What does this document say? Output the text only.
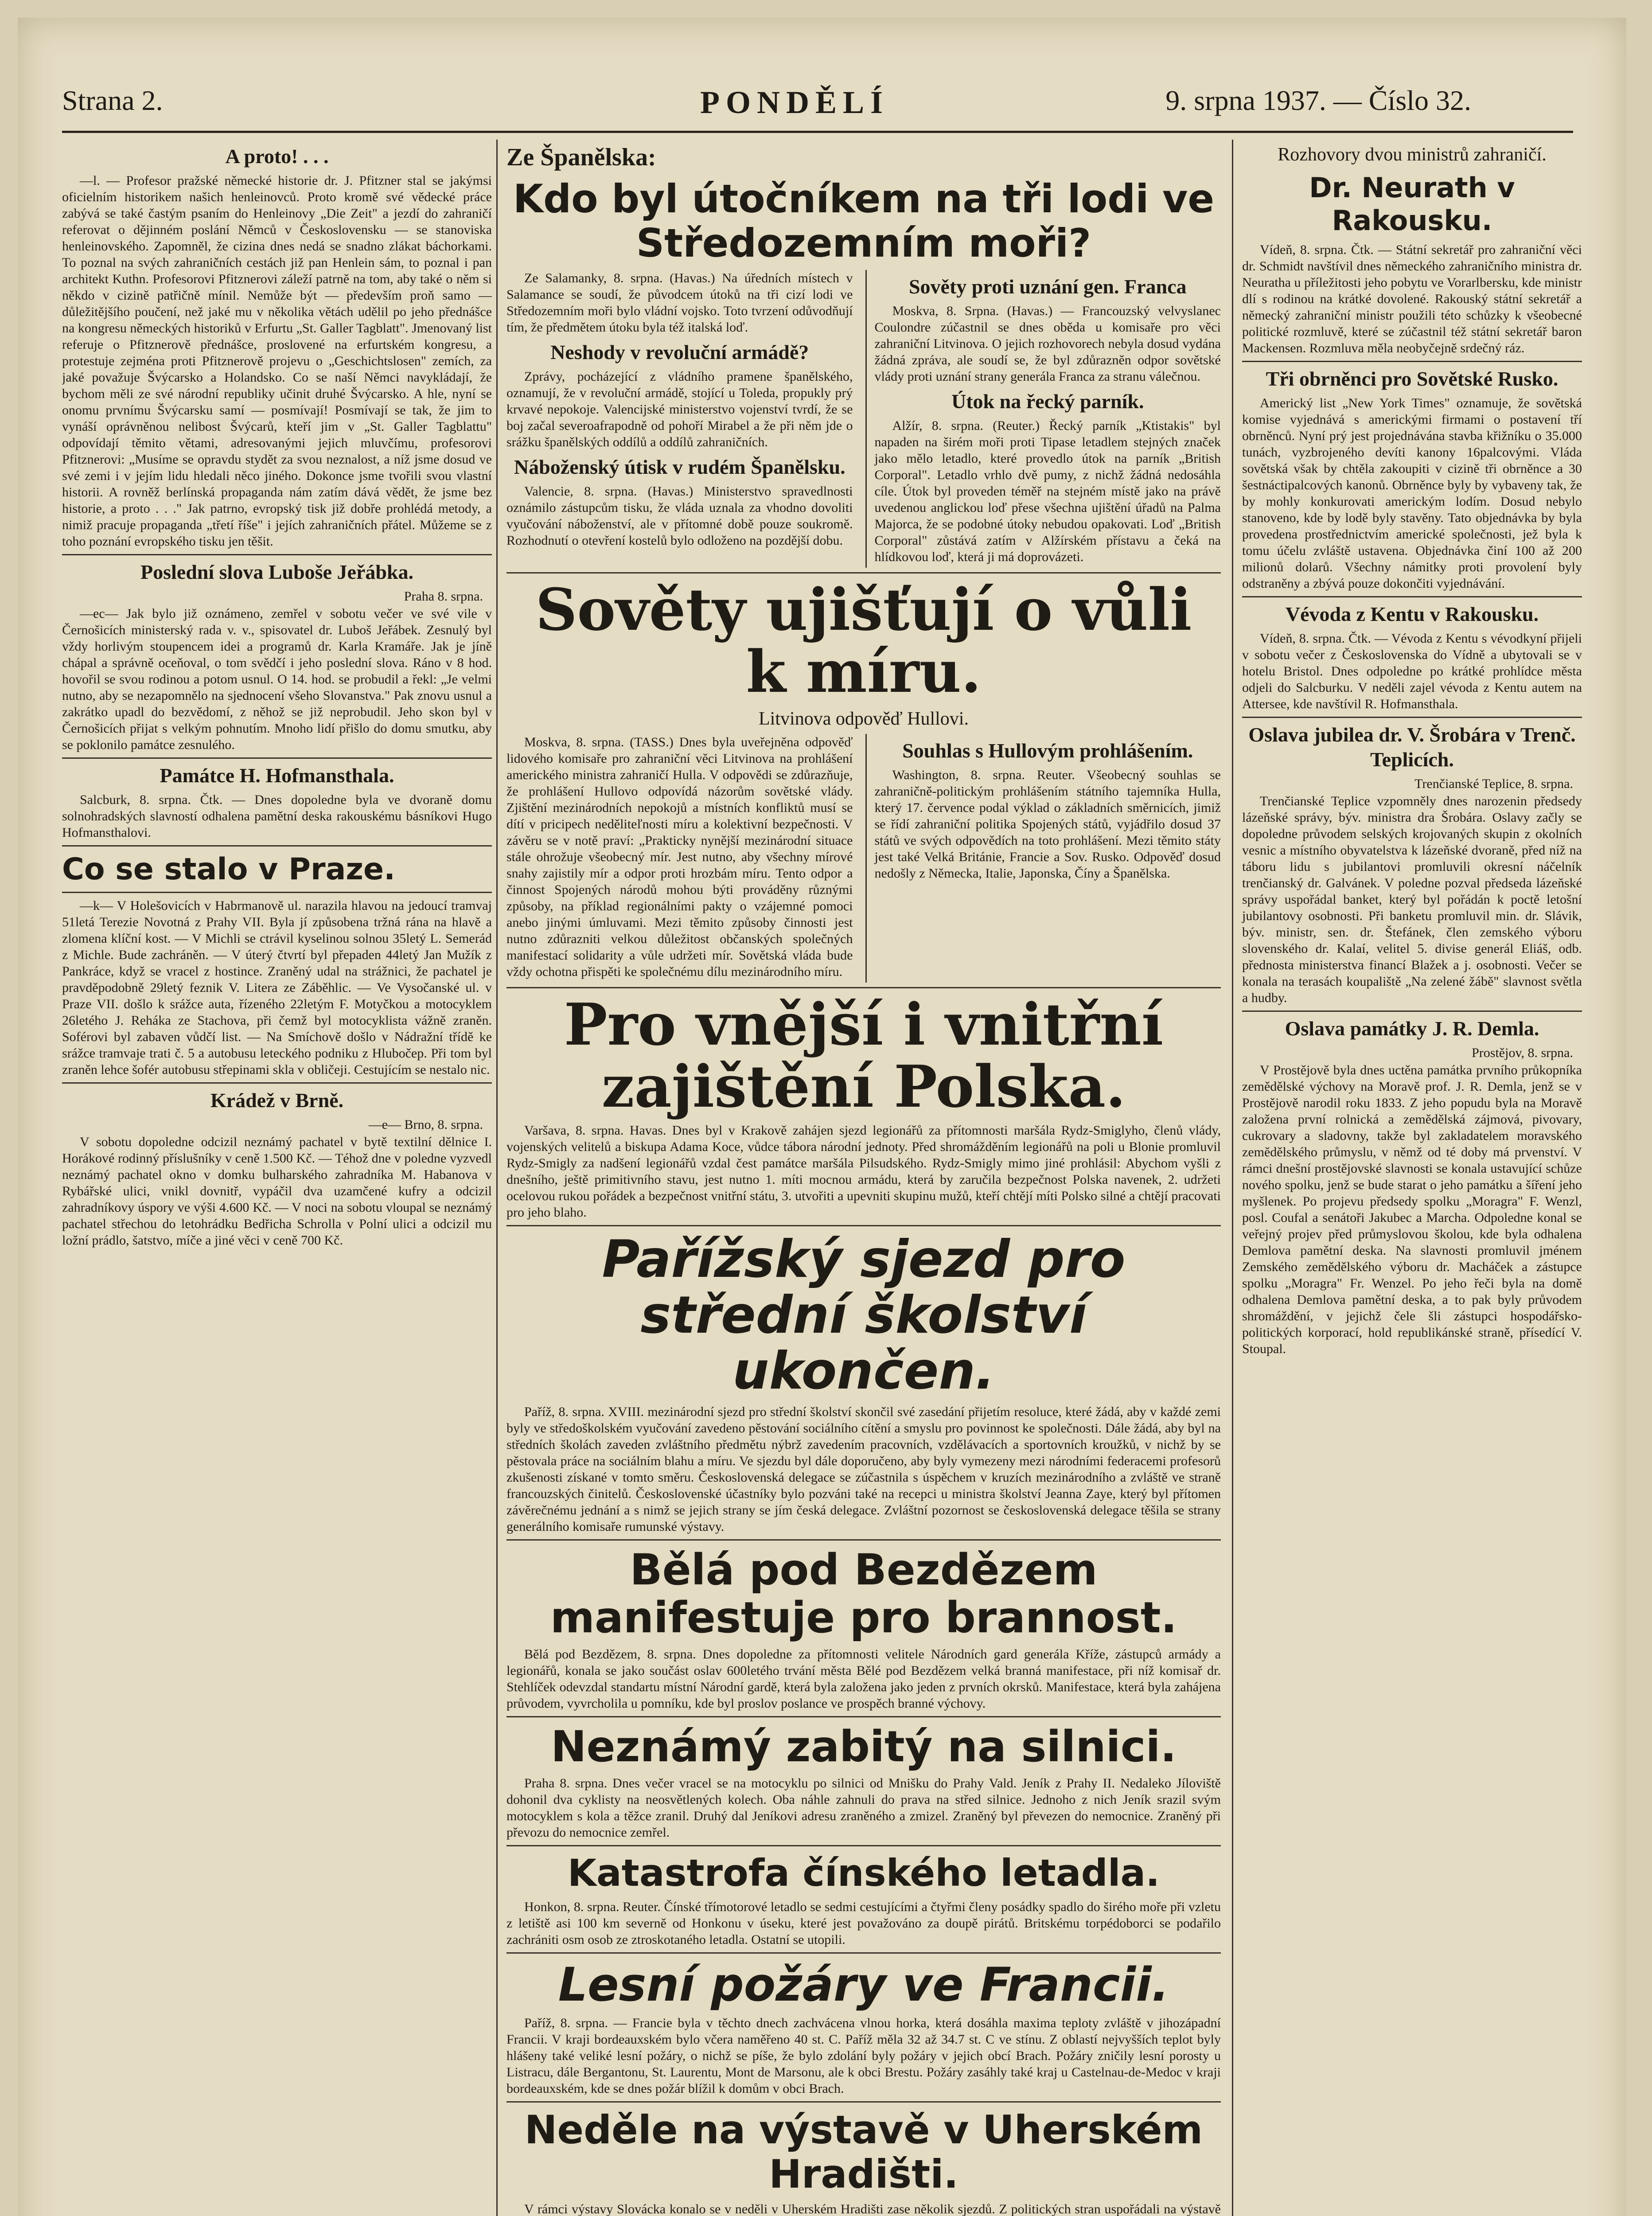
Strana 2.	PONDĚLÍ	9. srpna 1937. — Číslo 32.
A proto! . . .
—l. — Profesor pražské německé historie dr. J. Pfitzner stal se jakýmsi oficielním historikem našich henleinovců. Proto kromě své vědecké práce zabývá se také častým psaním do Henleinovy „Die Zeit" a jezdí do zahraničí referovat o dějinném poslání Němců v Československu — se stanoviska henleinovského. Zapomněl, že cizina dnes nedá se snadno zlákat báchorkami. To poznal na svých zahraničních cestách již pan Henlein sám, to poznal i pan architekt Kuthn. Profesorovi Pfitznerovi záleží patrně na tom, aby také o něm si někdo v cizině patřičně mínil. Nemůže být — především proň samo — důležitějšího poučení, než jaké mu v několika větách udělil po jeho přednášce na kongresu německých historiků v Erfurtu „St. Galler Tagblatt". Jmenovaný list referuje o Pfitznerově přednášce, proslovené na erfurtském kongresu, a protestuje zejména proti Pfitznerově projevu o „Geschichtslosen" zemích, za jaké považuje Švýcarsko a Holandsko. Co se naší Němci navykládají, že bychom měli ze své národní republiky učinit druhé Švýcarsko. A hle, nyní se onomu prvnímu Švýcarsku samí — posmívají! Posmívají se tak, že jim to vynáší oprávněnou nelibost Švýcarů, kteří jim v „St. Galler Tagblattu" odpovídají těmito větami, adresovanými jejich mluvčímu, profesorovi Pfitznerovi: „Musíme se opravdu stydět za svou neznalost, a níž jsme dosud ve své zemi i v jejím lidu hledali něco jiného. Dokonce jsme tvořili svou vlastní historii. A rovněž berlínská propaganda nám zatím dává vědět, že jsme bez historie, a proto . . ." Jak patrno, evropský tisk již dobře prohlédá metody, a nimiž pracuje propaganda „třetí říše" i jejích zahraničních přátel. Můžeme se z toho poznání evropského tisku jen těšit.
Poslední slova Luboše Jeřábka.
Praha 8. srpna.
—ec— Jak bylo již oznámeno, zemřel v sobotu večer ve své vile v Černošicích ministerský rada v. v., spisovatel dr. Luboš Jeřábek. Zesnulý byl vždy horlivým stoupencem idei a programů dr. Karla Kramáře. Jak je jíně chápal a správně oceňoval, o tom svědčí i jeho poslední slova. Ráno v 8 hod. hovořil se svou rodinou a potom usnul. O 14. hod. se probudil a řekl: „Je velmi nutno, aby se nezapomnělo na sjednocení všeho Slovanstva." Pak znovu usnul a zakrátko upadl do bezvědomí, z něhož se již neprobudil. Jeho skon byl v Černošicích přijat s velkým pohnutím. Mnoho lidí přišlo do domu smutku, aby se poklonilo památce zesnulého.
Památce H. Hofmansthala.
Salcburk, 8. srpna. Čtk. — Dnes dopoledne byla ve dvoraně domu solnohradských slavností odhalena pamětní deska rakouskému básníkovi Hugo Hofmansthalovi.
Co se stalo v Praze.
—k— V Holešovicích v Habrmanově ul. narazila hlavou na jedoucí tramvaj 51letá Terezie Novotná z Prahy VII. Byla jí způsobena tržná rána na hlavě a zlomena klíční kost. — V Michli se ctrávil kyselinou solnou 35letý L. Semerád z Michle. Bude zachráněn. — V úterý čtvrtí byl přepaden 44letý Jan Mužík z Pankráce, když se vracel z hostince. Zraněný udal na strážnici, že pachatel je pravděpodobně 29letý feznik V. Litera ze Záběhlic. — Ve Vysočanské ul. v Praze VII. došlo k srážce auta, řízeného 22letým F. Motyčkou a motocyklem 26letého J. Reháka ze Stachova, při čemž byl motocyklista vážně zraněn. Soférovi byl zabaven vůdčí list. — Na Smíchově došlo v Nádražní třídě ke srážce tramvaje trati č. 5 a autobusu leteckého podniku z Hlubočep. Při tom byl zraněn lehce šofér autobusu střepinami skla v obličeji. Cestujícím se nestalo nic.
Krádež v Brně.
—e— Brno, 8. srpna.
V sobotu dopoledne odcizil neznámý pachatel v bytě textilní dělnice I. Horákové rodinný příslušníky v ceně 1.500 Kč. — Téhož dne v poledne vyzvedl neznámý pachatel okno v domku bulharského zahradníka M. Habanova v Rybářské ulici, vnikl dovnitř, vypáčil dva uzamčené kufry a odcizil zahradníkovy úspory ve výši 4.600 Kč. — V noci na sobotu vloupal se neznámý pachatel střechou do letohrádku Bedřicha Schrolla v Polní ulici a odcizil mu ložní prádlo, šatstvo, míče a jiné věci v ceně 700 Kč.
Ze Španělska:
Kdo byl útočníkem na tři lodi ve Středozemním moři?
Ze Salamanky, 8. srpna. (Havas.) Na úředních místech v Salamance se soudí, že původcem útoků na tři cizí lodi ve Středozemním moři bylo vládní vojsko. Toto tvrzení odůvodňují tím, že předmětem útoku byla též italská loď.
Neshody v revoluční armádě?
Zprávy, pocházející z vládního pramene španělského, oznamují, že v revoluční armádě, stojící u Toleda, propukly prý krvavé nepokoje. Valencijské ministerstvo vojenství tvrdí, že se boj začal severoafrapodně od pohoří Mirabel a že při něm jde o srážku španělských oddílů a oddílů zahraničních.
Náboženský útisk v rudém Španělsku.
Valencie, 8. srpna. (Havas.) Ministerstvo spravedlnosti oznámilo zástupcům tisku, že vláda uznala za vhodno dovoliti vyučování náboženství, ale v přítomné době pouze soukromě. Rozhodnutí o otevření kostelů bylo odloženo na pozdější dobu.
Sověty proti uznání gen. Franca
Moskva, 8. Srpna. (Havas.) — Francouzský velvyslanec Coulondre zúčastnil se dnes oběda u komisaře pro věci zahraniční Litvinova. O jejich rozhovorech nebyla dosud vydána žádná zpráva, ale soudí se, že byl zdůrazněn odpor sovětské vlády proti uznání strany generála Franca za stranu válečnou.
Útok na řecký parník.
Alžír, 8. srpna. (Reuter.) Řecký parník „Ktistakis" byl napaden na širém moři proti Tipase letadlem stejných značek jako mělo letadlo, které provedlo útok na parník „British Corporal". Letadlo vrhlo dvě pumy, z nichž žádná nedosáhla cíle. Útok byl proveden téměř na stejném místě jako na právě uvedenou anglickou loď přese všechna ujištění úřadů na Palma Majorca, že se podobné útoky nebudou opakovati. Loď „British Corporal" zůstává zatím v Alžírském přístavu a čeká na hlídkovou loď, která ji má doprovázeti.
Sověty ujišťují o vůli k míru.
Litvinova odpověď Hullovi.
Moskva, 8. srpna. (TASS.) Dnes byla uveřejněna odpověď lidového komisaře pro zahraniční věci Litvinova na prohlášení amerického ministra zahraničí Hulla. V odpovědi se zdůrazňuje, že prohlášení Hullovo odpovídá názorům sovětské vlády. Zjištění mezinárodních nepokojů a místních konfliktů musí se dítí v pricipech neděliteľnosti míru a kolektivní bezpečnosti. V závěru se v notě praví: „Prakticky nynější mezinárodní situace stále ohrožuje všeobecný mír. Jest nutno, aby všechny mírové snahy zajistily mír a odpor proti hrozbám míru. Tento odpor a činnost Spojených národů mohou býti prováděny různými způsoby, na příklad regionálními pakty o vzájemné pomoci anebo jinými úmluvami. Mezi těmito způsoby činnosti jest nutno zdůrazniti velkou důležitost občanských společných manifestací solidarity a vůle udržeti mír. Sovětská vláda bude vždy ochotna přispěti ke společnému dílu mezinárodního míru.
Souhlas s Hullovým prohlášením.
Washington, 8. srpna. Reuter. Všeobecný souhlas se zahraničně-politickým prohlášením státního tajemníka Hulla, který 17. července podal výklad o základních směrnicích, jimiž se řídí zahraniční politika Spojených států, vyjádřilo dosud 37 států ve svých odpovědích na toto prohlášení. Mezi těmito státy jest také Velká Británie, Francie a Sov. Rusko. Odpověď dosud nedošly z Německa, Italie, Japonska, Číny a Španělska.
Pro vnější i vnitřní zajištění Polska.
Varšava, 8. srpna. Havas. Dnes byl v Krakově zahájen sjezd legionářů za přítomnosti maršála Rydz-Smiglyho, členů vlády, vojenských velitelů a biskupa Adama Koce, vůdce tábora národní jednoty. Před shromážděním legionářů na poli u Blonie promluvil Rydz-Smigly za nadšení legionářů vzdal čest památce maršála Pilsudského. Rydz-Smigly mimo jiné prohlásil: Abychom vyšli z dnešního, ještě primitivního stavu, jest nutno 1. míti mocnou armádu, která by zaručila bezpečnost Polska navenek, 2. udržeti ocelovou rukou pořádek a bezpečnost vnitřní státu, 3. utvořiti a upevniti skupinu mužů, kteří chtějí míti Polsko silné a chtějí pracovati pro jeho blaho.
Pařížský sjezd pro střední školství ukončen.
Paříž, 8. srpna. XVIII. mezinárodní sjezd pro střední školství skončil své zasedání přijetím resoluce, které žádá, aby v každé zemi byly ve středoškolském vyučování zavedeno pěstování sociálního cítění a smyslu pro povinnost ke společnosti. Dále žádá, aby byl na středních školách zaveden zvláštního předmětu nýbrž zavedením pracovních, vzdělávacích a sportovních kroužků, v nichž by se pěstovala práce na sociálním blahu a míru. Ve sjezdu byl dále doporučeno, aby byly vymezeny mezi národními federacemi profesorů zkušenosti získané v tomto směru. Československá delegace se zúčastnila s úspěchem v kruzích mezinárodního a zvláště ve straně francouzských činitelů. Československé účastníky bylo pozváni také na recepci u ministra školství Jeanna Zaye, který byl přítomen závěrečnému jednání a s nimž se jejich strany se jím česká delegace. Zvláštní pozornost se československá delegace těšila se strany generálního komisaře rumunské výstavy.
Bělá pod Bezdězem manifestuje pro brannost.
Bělá pod Bezdězem, 8. srpna. Dnes dopoledne za přítomnosti velitele Národních gard generála Kříže, zástupců armády a legionářů, konala se jako součást oslav 600letého trvání města Bělé pod Bezdězem velká branná manifestace, při níž komisař dr. Stehlíček odevzdal standartu místní Národní gardě, která byla založena jako jeden z prvních okrsků. Manifestace, která byla zahájena průvodem, vyvrcholila u pomníku, kde byl proslov poslance ve prospěch branné výchovy.
Neznámý zabitý na silnici.
Praha 8. srpna. Dnes večer vracel se na motocyklu po silnici od Mnišku do Prahy Vald. Jeník z Prahy II. Nedaleko Jíloviště dohonil dva cyklisty na neosvětlených kolech. Oba náhle zahnuli do prava na střed silnice. Jednoho z nich Jeník srazil svým motocyklem s kola a těžce zranil. Druhý dal Jeníkovi adresu zraněného a zmizel. Zraněný byl převezen do nemocnice. Zraněný při převozu do nemocnice zemřel.
Katastrofa čínského letadla.
Honkon, 8. srpna. Reuter. Čínské třímotorové letadlo se sedmi cestujícími a čtyřmi členy posádky spadlo do širého moře při vzletu z letiště asi 100 km severně od Honkonu v úseku, které jest považováno za doupě pirátů. Britskému torpédoborci se podařilo zachrániti osm osob ze ztroskotaného letadla. Ostatní se utopili.
Lesní požáry ve Francii.
Paříž, 8. srpna. — Francie byla v těchto dnech zachvácena vlnou horka, která dosáhla maxima teploty zvláště v jihozápadní Francii. V kraji bordeauxském bylo včera naměřeno 40 st. C. Paříž měla 32 až 34.7 st. C ve stínu. Z oblastí nejvyšších teplot byly hlášeny také veliké lesní požáry, o nichž se píše, že bylo zdolání byly požáry v jejich obcí Brach. Požáry zničily lesní porosty u Listracu, dále Bergantonu, St. Laurentu, Mont de Marsonu, ale k obci Brestu. Požáry zasáhly také kraj u Castelnau-de-Medoc v kraji bordeauxském, kde se dnes požár blížil k domům v obci Brach.
Neděle na výstavě v Uherském Hradišti.
V rámci výstavy Slovácka konalo se v neděli v Uherském Hradišti zase několik sjezdů. Z politických stran uspořádali na výstavě
Rozhovory dvou ministrů zahraničí.
Dr. Neurath v Rakousku.
Vídeň, 8. srpna. Čtk. — Státní sekretář pro zahraniční věci dr. Schmidt navštívil dnes německého zahraničního ministra dr. Neuratha u příležitosti jeho pobytu ve Vorarlbersku, kde ministr dlí s rodinou na krátké dovolené. Rakouský státní sekretář a německý zahraniční ministr použili této schůzky k všeobecné politické rozmluvě, které se zúčastnil též státní sekretář baron Mackensen. Rozmluva měla neobyčejně srdečný ráz.
Tři obrněnci pro Sovětské Rusko.
Americký list „New York Times" oznamuje, že sovětská komise vyjednává s americkými firmami o postavení tří obrněnců. Nyní prý jest projednávána stavba křižníku o 35.000 tunách, vyzbrojeného devíti kanony 16palcovými. Vláda sovětská však by chtěla zakoupiti v cizině tři obrněnce a 30 šestnáctipalcových kanonů. Obrněnce byly by vybaveny tak, že by mohly konkurovati americkým lodím. Dosud nebylo stanoveno, kde by lodě byly stavěny. Tato objednávka by byla provedena prostřednictvím americké společnosti, jež byla k tomu účelu zvláště ustavena. Objednávka činí 100 až 200 milionů dolarů. Všechny námitky proti provolení byly odstraněny a zbývá pouze dokončiti vyjednávání.
Vévoda z Kentu v Rakousku.
Vídeň, 8. srpna. Čtk. — Vévoda z Kentu s vévodkyní přijeli v sobotu večer z Československa do Vídně a ubytovali se v hotelu Bristol. Dnes odpoledne po krátké prohlídce města odjeli do Salcburku. V neděli zajel vévoda z Kentu autem na Attersee, kde navštívil R. Hofmansthala.
Oslava jubilea dr. V. Šrobára v Trenč. Teplicích.
Trenčianské Teplice, 8. srpna.
Trenčianské Teplice vzpomněly dnes narozenin předsedy lázeňské správy, býv. ministra dra Šrobára. Oslavy začly se dopoledne průvodem selských krojovaných skupin z okolních vesnic a místního obyvatelstva k lázeňské dvoraně, před níž na táboru lidu s jubilantovi promluvili okresní náčelník trenčianský dr. Galvánek. V poledne pozval předseda lázeňské správy uspořádal banket, který byl pořádán k poctě letošní jubilantovy osobnosti. Při banketu promluvil min. dr. Slávik, býv. ministr, sen. dr. Štefánek, člen zemského výboru slovenského dr. Kalaí, velitel 5. divise generál Eliáš, odb. přednosta ministerstva financí Blažek a j. osobnosti. Večer se konala na terasách koupaliště „Na zelené žábě" slavnost světla a hudby.
Oslava památky J. R. Demla.
Prostějov, 8. srpna.
V Prostějově byla dnes uctěna památka prvního průkopníka zemědělské výchovy na Moravě prof. J. R. Demla, jenž se v Prostějově narodil roku 1833. Z jeho popudu byla na Moravě založena první rolnická a zemědělská zájmová, pivovary, cukrovary a sladovny, takže byl zakladatelem moravského zemědělského průmyslu, v němž od té doby má prvenství. V rámci dnešní prostějovské slavnosti se konala ustavující schůze nového spolku, jenž se bude starat o jeho památku a šíření jeho myšlenek. Po projevu předsedy spolku „Moragra" F. Wenzl, posl. Coufal a senátoři Jakubec a Marcha. Odpoledne konal se veřejný projev před průmyslovou školou, kde byla odhalena Demlova pamětní deska. Na slavnosti promluvil jménem Zemského zemědělského výboru dr. Macháček a zástupce spolku „Moragra" Fr. Wenzel. Po jeho řeči byla na domě odhalena Demlova pamětní deska, a to pak byly průvodem shromáždění, v jejichž čele šli zástupci hospodářsko-politických korporací, hold republikánské straně, přísedící V. Stoupal.
